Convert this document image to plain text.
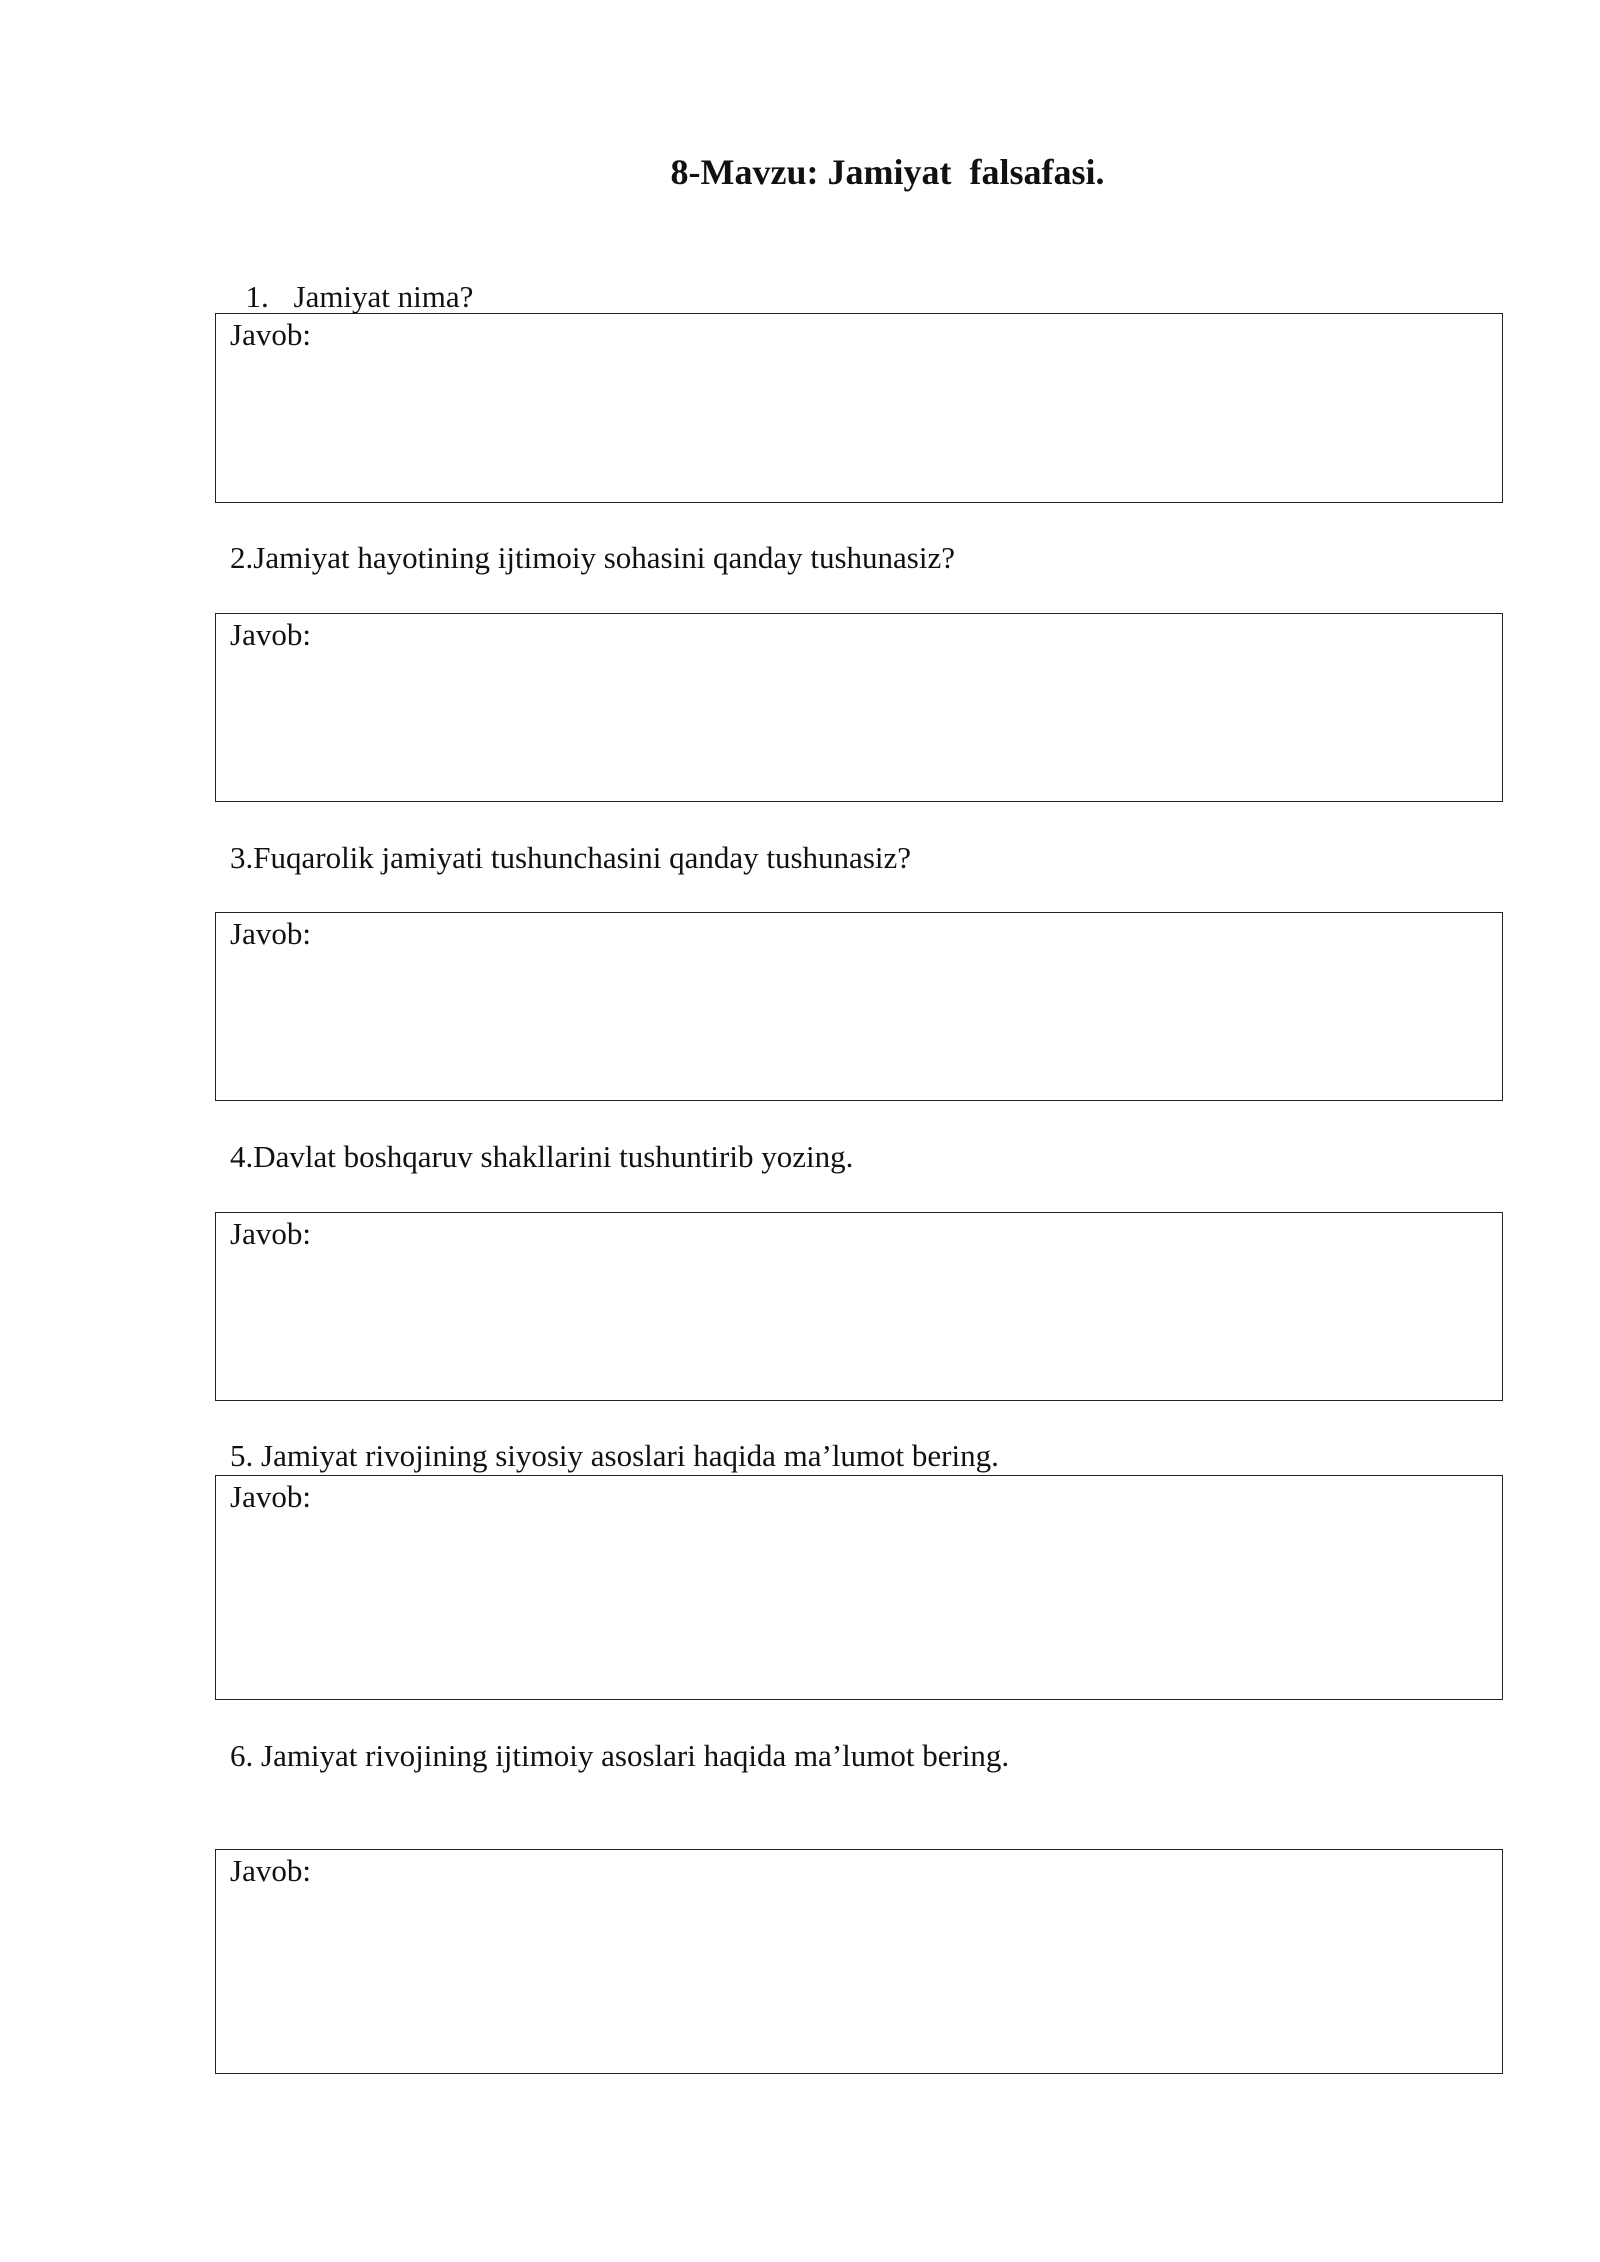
8-Mavzu: Jamiyat  falsafasi.

1. Jamiyat nima?

Javob:
2.Jamiyat hayotining ijtimoiy sohasini qanday tushunasiz?
Javob:
3.Fuqarolik jamiyati tushunchasini qanday tushunasiz?
Javob:
4.Davlat boshqaruv shakllarini tushuntirib yozing.
Javob:
5. Jamiyat rivojining siyosiy asoslari haqida ma’lumot bering.
Javob:
6. Jamiyat rivojining ijtimoiy asoslari haqida ma’lumot bering.
Javob:
